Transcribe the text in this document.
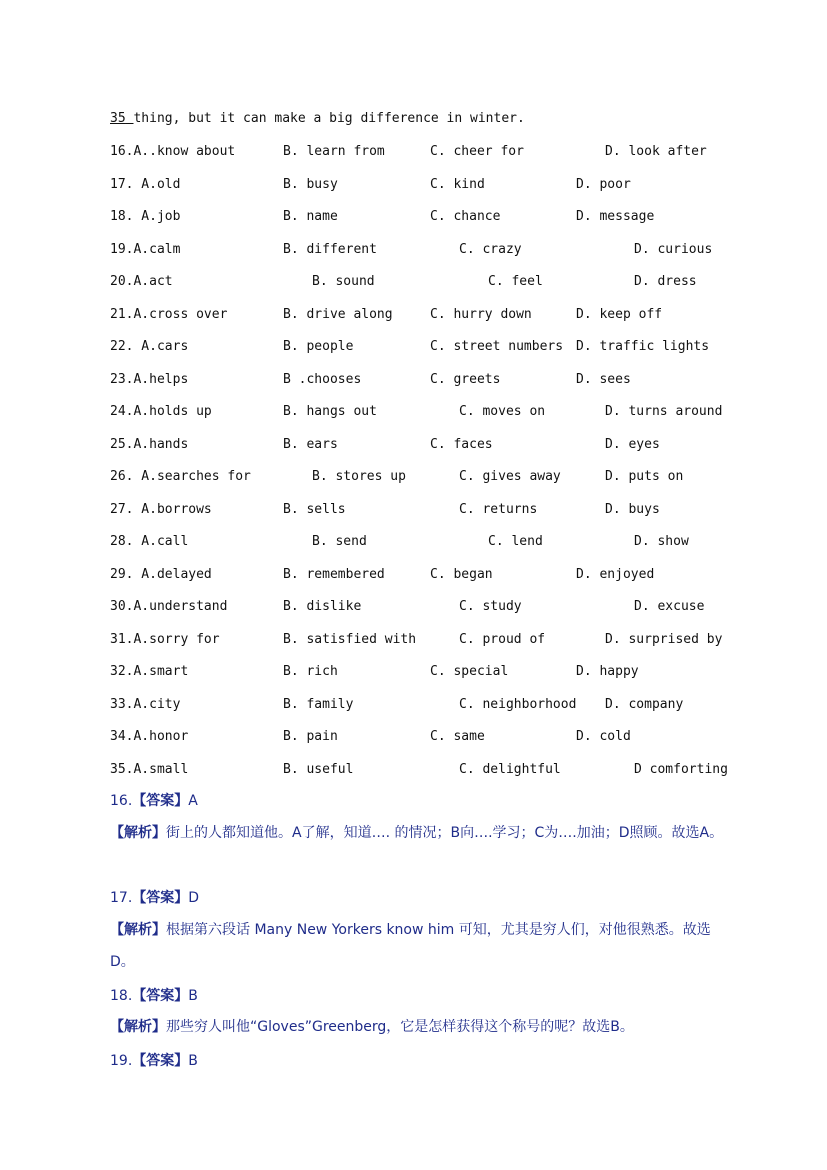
35 thing, but it can make a big difference in winter.
16.A..know about	B. learn from	C. cheer for	D. look after
17. A.old	B. busy	C. kind	D. poor
18. A.job	B. name	C. chance	D. message
19.A.calm	B. different	C. crazy	D. curious
20.A.act	B. sound	C. feel	D. dress
21.A.cross over	B. drive along	C. hurry down	D. keep off
22. A.cars	B. people	C. street numbers D. traffic lights
23.A.helps	B .chooses	C. greets	D. sees
24.A.holds up	B. hangs out	C. moves on	D. turns around
25.A.hands	B. ears	C. faces	D. eyes
26. A.searches for	B. stores up	C. gives away	D. puts on
27. A.borrows	B. sells	C. returns	D. buys
28. A.call	B. send	C. lend	D. show
29. A.delayed	B. remembered	C. began	D. enjoyed
30.A.understand	B. dislike	C. study	D. excuse
31.A.sorry for	B. satisfied with	C. proud of	D. surprised by
32.A.smart	B. rich	C. special	D. happy
33.A.city	B. family	C. neighborhood D. company
34.A.honor	B. pain	C. same	D. cold
35.A.small	B. useful	C. delightful	D comforting
16.【答案】A
【解析】街上的人都知道他。A了解，知道…. 的情况；B向….学习；C为….加油；D照顾。故选A。
17.【答案】D
【解析】根据第六段话 Many New Yorkers know him 可知，尤其是穷人们，对他很熟悉。故选D。
18.【答案】B
【解析】那些穷人叫他“Gloves”Greenberg，它是怎样获得这个称号的呢？故选B。
19.【答案】B
